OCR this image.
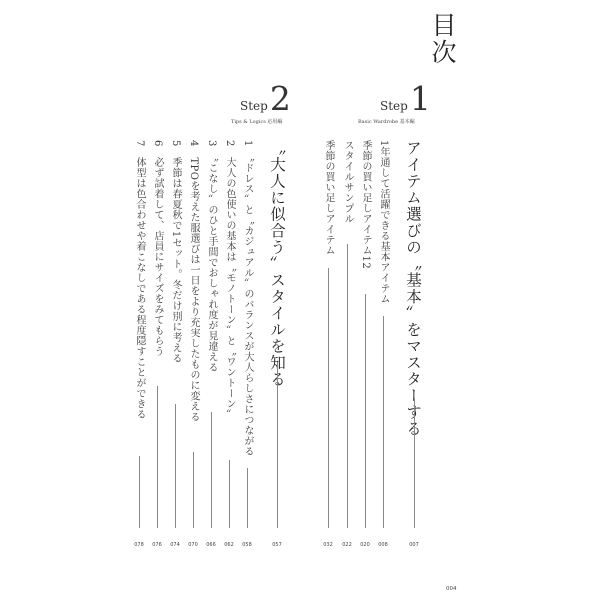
目次
Step1
Basic Wardrobe 基本編
Step2
Tips & Logics 応用編
アイテム選びの〝基本〟をマスターする
007
1年通して活躍できる基本アイテム
008
季節の買い足しアイテム12
020
スタイルサンプル
022
季節の買い足しアイテム
032
〝大人に似合う〟スタイルを知る
057
1　〝ドレス〟と〝カジュアル〟のバランスが大人らしさにつながる
058
2　大人の色使いの基本は〝モノトーン〟と〝ワントーン〟
062
3　〝こなし〟のひと手間でおしゃれ度が見違える
066
4　TPOを考えた服選びは一日をより充実したものに変える
070
5　季節は春夏秋で1セット。冬だけ別に考える
074
6　必ず試着して、店員にサイズをみてもらう
076
7　体型は色合わせや着こなしである程度隠すことができる
078
004
